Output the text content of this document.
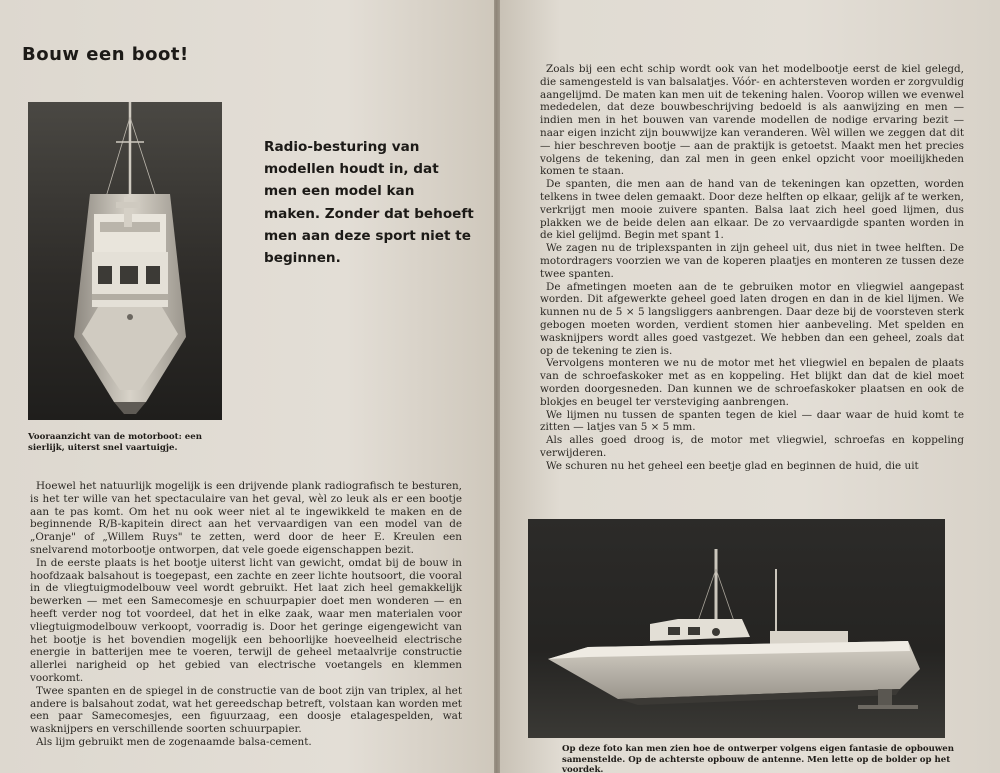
Bouw een boot!

Radio-besturing van modellen houdt in, dat men een model kan maken. Zonder dat behoeft men aan deze sport niet te beginnen.

Vooraanzicht van de motorboot: een sierlijk, uiterst snel vaartuigje.

Hoewel het natuurlijk mogelijk is een drijvende plank radiografisch te besturen, is het ter wille van het spectaculaire van het geval, wèl zo leuk als er een bootje aan te pas komt. Om het nu ook weer niet al te ingewikkeld te maken en de beginnende R/B-kapitein direct aan het vervaardigen van een model van de „Oranje" of „Willem Ruys" te zetten, werd door de heer E. Kreulen een snelvarend motorbootje ontworpen, dat vele goede eigenschappen bezit.

In de eerste plaats is het bootje uiterst licht van gewicht, omdat bij de bouw in hoofdzaak balsahout is toegepast, een zachte en zeer lichte houtsoort, die vooral in de vliegtuigmodelbouw veel wordt gebruikt. Het laat zich heel gemakkelijk bewerken — met een Samecomesje en schuurpapier doet men wonderen — en heeft verder nog tot voordeel, dat het in elke zaak, waar men materialen voor vliegtuigmodelbouw verkoopt, voorradig is. Door het geringe eigengewicht van het bootje is het bovendien mogelijk een behoorlijke hoeveelheid electrische energie in batterijen mee te voeren, terwijl de geheel metaalvrije constructie allerlei narigheid op het gebied van electrische voetangels en klemmen voorkomt.

Twee spanten en de spiegel in de constructie van de boot zijn van triplex, al het andere is balsahout zodat, wat het gereedschap betreft, volstaan kan worden met een paar Samecomesjes, een figuurzaag, een doosje etalagespelden, wat wasknijpers en verschillende soorten schuurpapier.

Als lijm gebruikt men de zogenaamde balsa-cement.

Zoals bij een echt schip wordt ook van het modelbootje eerst de kiel gelegd, die samengesteld is van balsalatjes. Vóór- en achtersteven worden er zorgvuldig aangelijmd. De maten kan men uit de tekening halen. Voorop willen we evenwel mededelen, dat deze bouwbeschrijving bedoeld is als aanwijzing en men — indien men in het bouwen van varende modellen de nodige ervaring bezit — naar eigen inzicht zijn bouwwijze kan veranderen. Wèl willen we zeggen dat dit — hier beschreven bootje — aan de praktijk is getoetst. Maakt men het precies volgens de tekening, dan zal men in geen enkel opzicht voor moeilijkheden komen te staan.

De spanten, die men aan de hand van de tekeningen kan opzetten, worden telkens in twee delen gemaakt. Door deze helften op elkaar, gelijk af te werken, verkrijgt men mooie zuivere spanten. Balsa laat zich heel goed lijmen, dus plakken we de beide delen aan elkaar. De zo vervaardigde spanten worden in de kiel gelijmd. Begin met spant 1.

We zagen nu de triplexspanten in zijn geheel uit, dus niet in twee helften. De motordragers voorzien we van de koperen plaatjes en monteren ze tussen deze twee spanten.

De afmetingen moeten aan de te gebruiken motor en vliegwiel aangepast worden. Dit afgewerkte geheel goed laten drogen en dan in de kiel lijmen. We kunnen nu de 5 × 5 langsliggers aanbrengen. Daar deze bij de voorsteven sterk gebogen moeten worden, verdient stomen hier aanbeveling. Met spelden en wasknijpers wordt alles goed vastgezet. We hebben dan een geheel, zoals dat op de tekening te zien is.

Vervolgens monteren we nu de motor met het vliegwiel en bepalen de plaats van de schroefaskoker met as en koppeling. Het blijkt dan dat de kiel moet worden doorgesneden. Dan kunnen we de schroefaskoker plaatsen en ook de blokjes en beugel ter versteviging aanbrengen.

We lijmen nu tussen de spanten tegen de kiel — daar waar de huid komt te zitten — latjes van 5 × 5 mm.

Als alles goed droog is, de motor met vliegwiel, schroefas en koppeling verwijderen.

We schuren nu het geheel een beetje glad en beginnen de huid, die uit

Op deze foto kan men zien hoe de ontwerper volgens eigen fantasie de opbouwen samenstelde. Op de achterste opbouw de antenne. Men lette op de bolder op het voordek.
